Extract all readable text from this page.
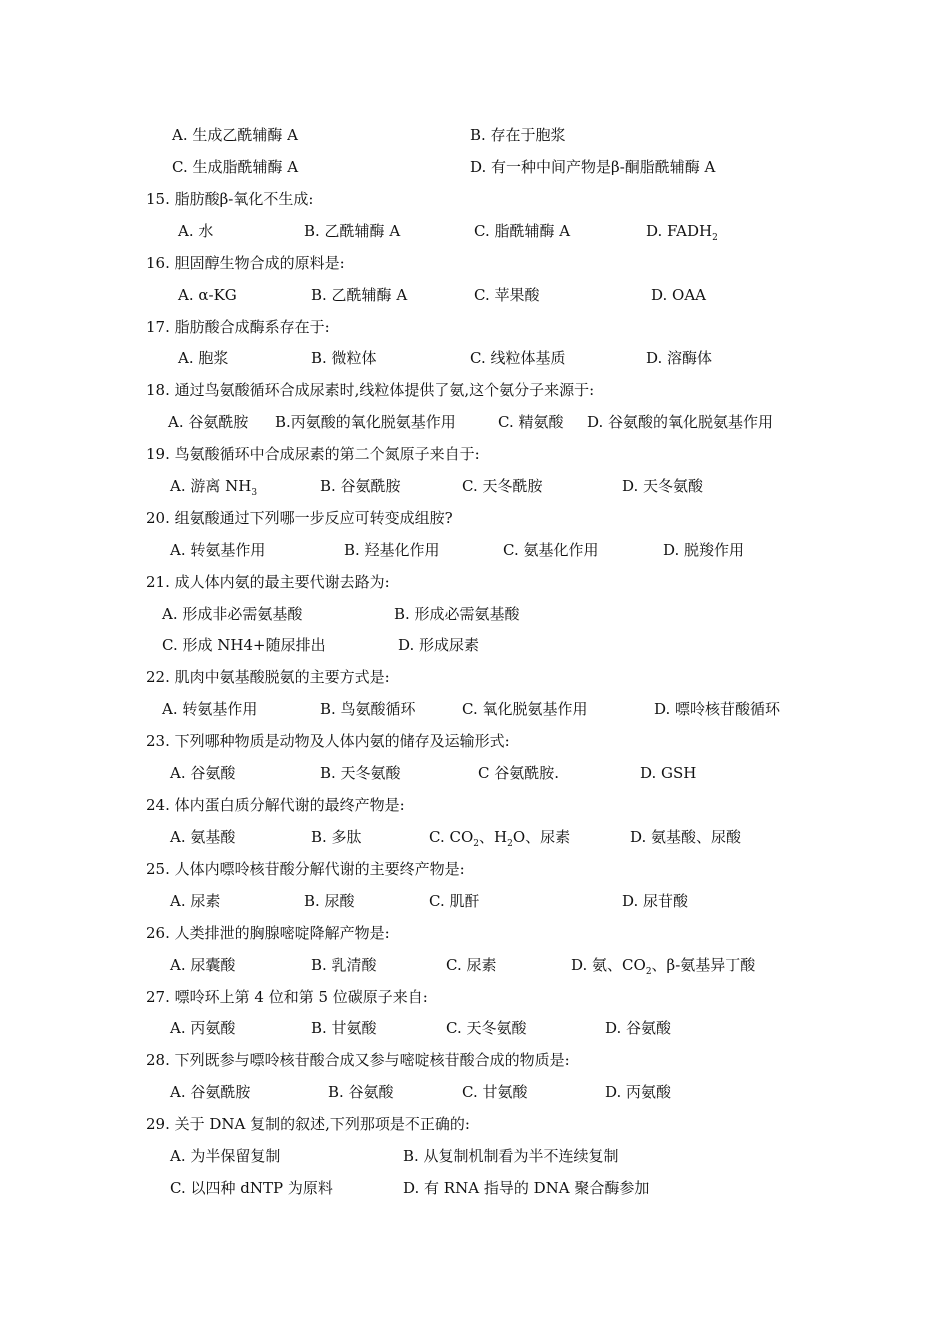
A. 生成乙酰辅酶 A	B. 存在于胞浆
C. 生成脂酰辅酶 A	D. 有一种中间产物是β-酮脂酰辅酶 A
15. 脂肪酸β-氧化不生成:
A. 水	B. 乙酰辅酶 A	C. 脂酰辅酶 A	D. $FADH_2$
16. 胆固醇生物合成的原料是:
A. α-KG	B. 乙酰辅酶 A	C. 苹果酸	D. OAA
17. 脂肪酸合成酶系存在于:
A. 胞浆	B. 微粒体	C. 线粒体基质	D. 溶酶体
18. 通过鸟氨酸循环合成尿素时,线粒体提供了氨,这个氨分子来源于:
A. 谷氨酰胺 B.丙氨酸的氧化脱氨基作用	C. 精氨酸 D. 谷氨酸的氧化脱氨基作用
19. 鸟氨酸循环中合成尿素的第二个氮原子来自于:
A. 游离 $NH_3$	B. 谷氨酰胺	C. 天冬酰胺	D. 天冬氨酸
20. 组氨酸通过下列哪一步反应可转变成组胺?
A. 转氨基作用	B. 羟基化作用	C. 氨基化作用	D. 脱羧作用
21. 成人体内氨的最主要代谢去路为:
A. 形成非必需氨基酸	B. 形成必需氨基酸
C. 形成 NH4+随尿排出	D. 形成尿素
22. 肌肉中氨基酸脱氨的主要方式是:
A. 转氨基作用	B. 鸟氨酸循环	C. 氧化脱氨基作用	D. 嘌呤核苷酸循环
23. 下列哪种物质是动物及人体内氨的储存及运输形式:
A. 谷氨酸	B. 天冬氨酸	C 谷氨酰胺.	D. GSH
24. 体内蛋白质分解代谢的最终产物是:
A. 氨基酸	B. 多肽	C. $CO_2$、$H_2O$、尿素	D. 氨基酸、尿酸
25. 人体内嘌呤核苷酸分解代谢的主要终产物是:
A. 尿素	B. 尿酸	C. 肌酐	D. 尿苷酸
26. 人类排泄的胸腺嘧啶降解产物是:
A. 尿囊酸	B. 乳清酸	C. 尿素	D. 氨、$CO_2$、β-氨基异丁酸
27. 嘌呤环上第 4 位和第 5 位碳原子来自:
A. 丙氨酸	B. 甘氨酸	C. 天冬氨酸	D. 谷氨酸
28. 下列既参与嘌呤核苷酸合成又参与嘧啶核苷酸合成的物质是:
A. 谷氨酰胺	B. 谷氨酸	C. 甘氨酸	D. 丙氨酸
29. 关于 DNA 复制的叙述,下列那项是不正确的:
A. 为半保留复制	B. 从复制机制看为半不连续复制
C. 以四种 dNTP 为原料	D. 有 RNA 指导的 DNA 聚合酶参加
